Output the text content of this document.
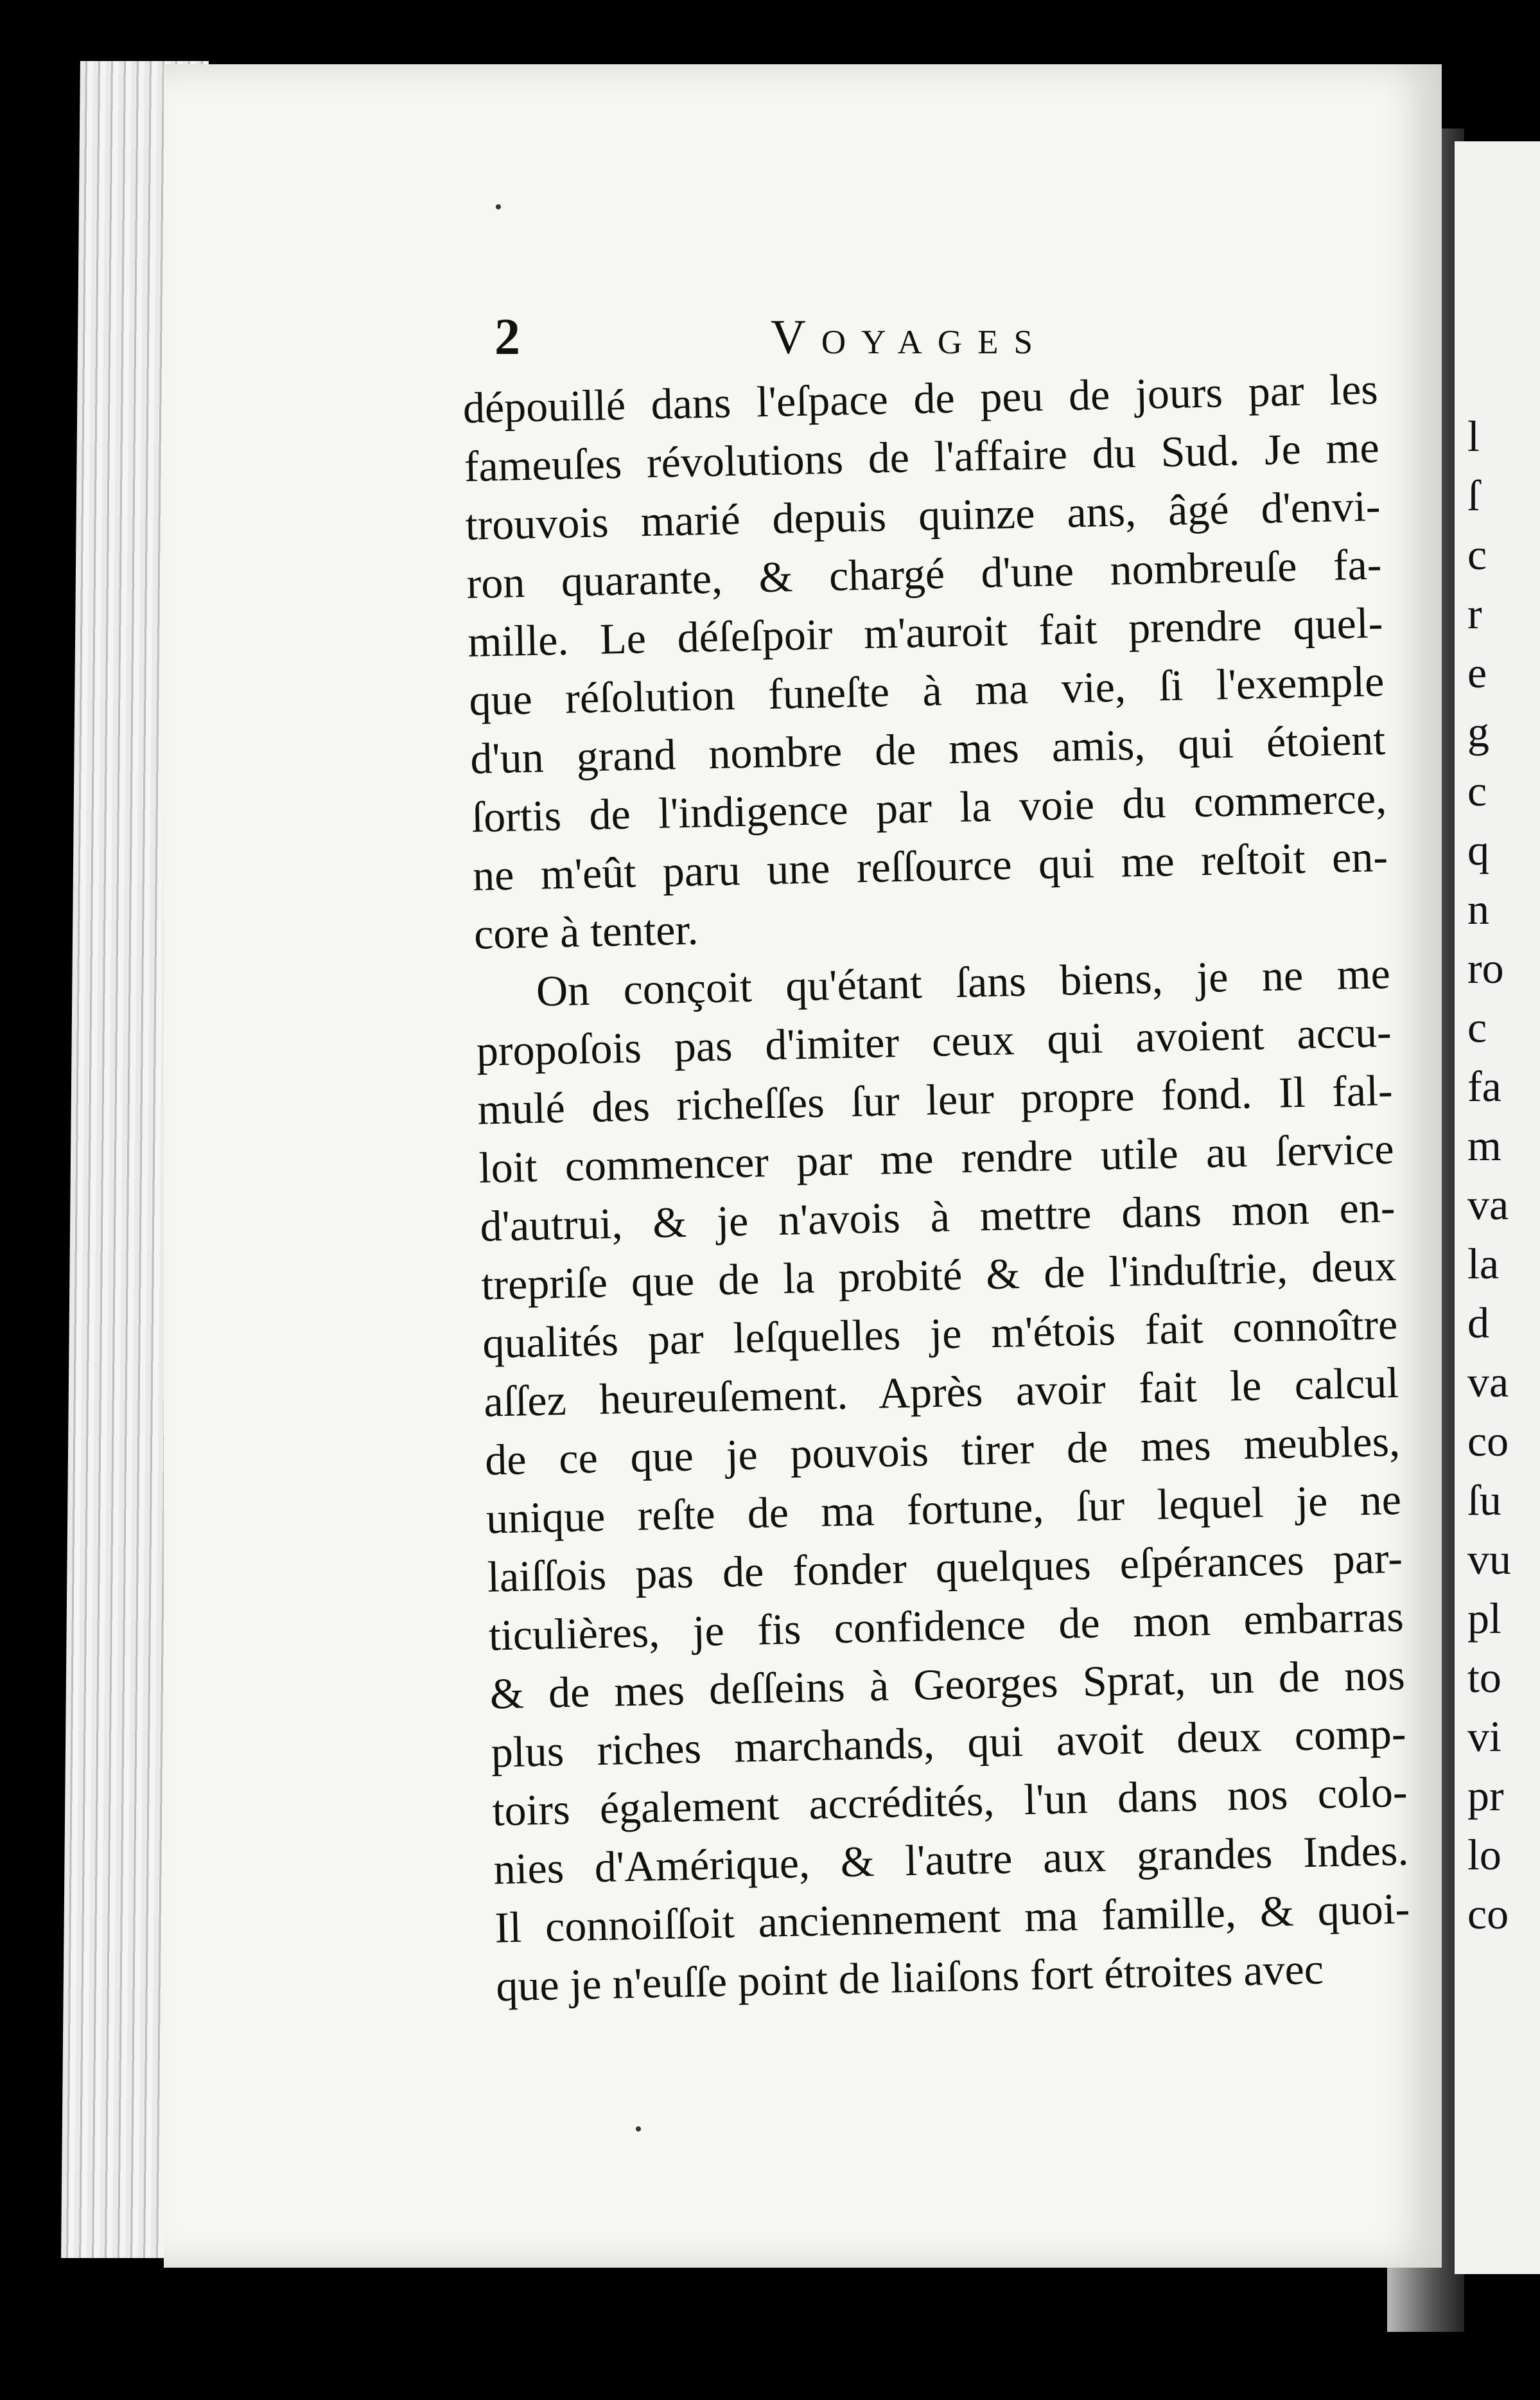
l
ſ
c
r
e
g
c
q
n
ro
c
fa
m
va
la
d
va
co
ſu
vu
pl
to
vi
pr
lo
co
2	Voyages
dépouillé dans l'eſpace de peu de jours par les
fameuſes révolutions de l'affaire du Sud. Je me
trouvois marié depuis quinze ans, âgé d'envi-
ron quarante, & chargé d'une nombreuſe fa-
mille. Le déſeſpoir m'auroit fait prendre quel-
que réſolution funeſte à ma vie, ſi l'exemple
d'un grand nombre de mes amis, qui étoient
ſortis de l'indigence par la voie du commerce,
ne m'eût paru une reſſource qui me reſtoit en-
core à tenter.
On conçoit qu'étant ſans biens, je ne me
propoſois pas d'imiter ceux qui avoient accu-
mulé des richeſſes ſur leur propre fond. Il fal-
loit commencer par me rendre utile au ſervice
d'autrui, & je n'avois à mettre dans mon en-
trepriſe que de la probité & de l'induſtrie, deux
qualités par leſquelles je m'étois fait connoître
aſſez heureuſement. Après avoir fait le calcul
de ce que je pouvois tirer de mes meubles,
unique reſte de ma fortune, ſur lequel je ne
laiſſois pas de fonder quelques eſpérances par-
ticulières, je fis confidence de mon embarras
& de mes deſſeins à Georges Sprat, un de nos
plus riches marchands, qui avoit deux comp-
toirs également accrédités, l'un dans nos colo-
nies d'Amérique, & l'autre aux grandes Indes.
Il connoiſſoit anciennement ma famille, & quoi-
que je n'euſſe point de liaiſons fort étroites avec
